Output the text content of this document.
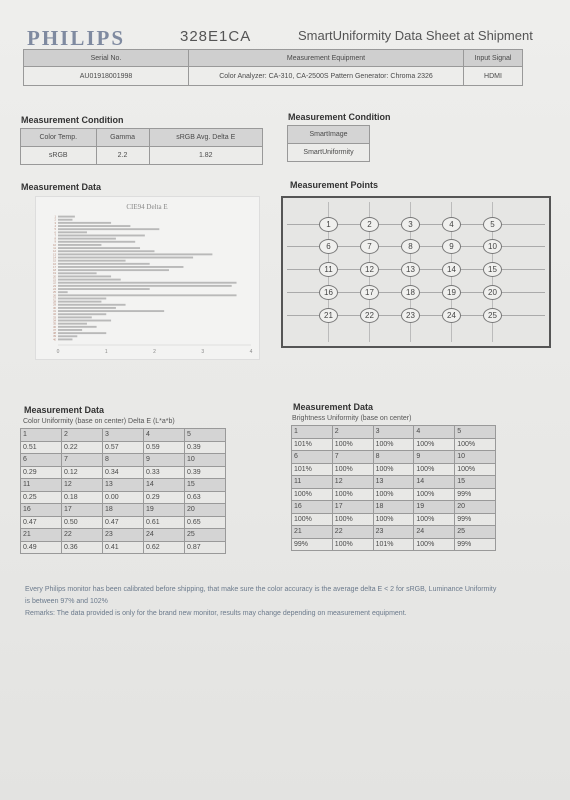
PHILIPS	328E1CA	SmartUniformity Data Sheet at Shipment
Serial No.	Measurement Equipment	Input Signal
AU01918001998	Color Analyzer: CA-310, CA-2500S Pattern Generator: Chroma 2326	HDMI
Measurement Condition
Color Temp.	Gamma	sRGB Avg. Delta E
sRGB	2.2	1.82
Measurement Condition
SmartImage
SmartUniformity
Measurement Data
CIE94 Delta E
1
2
3
4
5
6
7
8
9
10
11
12
13
14
15
16
17
18
19
20
21
22
23
24
25
26
27
28
29
30
31
32
33
34
35
36
37
38
39
40
0	1	2	3	4
Measurement Points
1	2	3	4	5
6	7	8	9	10
11	12	13	14	15
16	17	18	19	20
21	22	23	24	25
Measurement Data
Color Uniformity (base on center) Delta E (L*a*b)
1	2	3	4	5
0.51	0.22	0.57	0.59	0.39
6	7	8	9	10
0.29	0.12	0.34	0.33	0.39
11	12	13	14	15
0.25	0.18	0.00	0.29	0.63
16	17	18	19	20
0.47	0.50	0.47	0.61	0.65
21	22	23	24	25
0.49	0.36	0.41	0.62	0.87
Measurement Data
Brightness Uniformity (base on center)
1	2	3	4	5
101%	100%	100%	100%	100%
6	7	8	9	10
101%	100%	100%	100%	100%
11	12	13	14	15
100%	100%	100%	100%	99%
16	17	18	19	20
100%	100%	100%	100%	99%
21	22	23	24	25
99%	100%	101%	100%	99%
Every Philips monitor has been calibrated before shipping, that make sure the color accuracy is the average delta E < 2 for sRGB, Luminance Uniformity
is between 97% and 102%
Remarks: The data provided is only for the brand new monitor, results may change depending on measurement equipment.
